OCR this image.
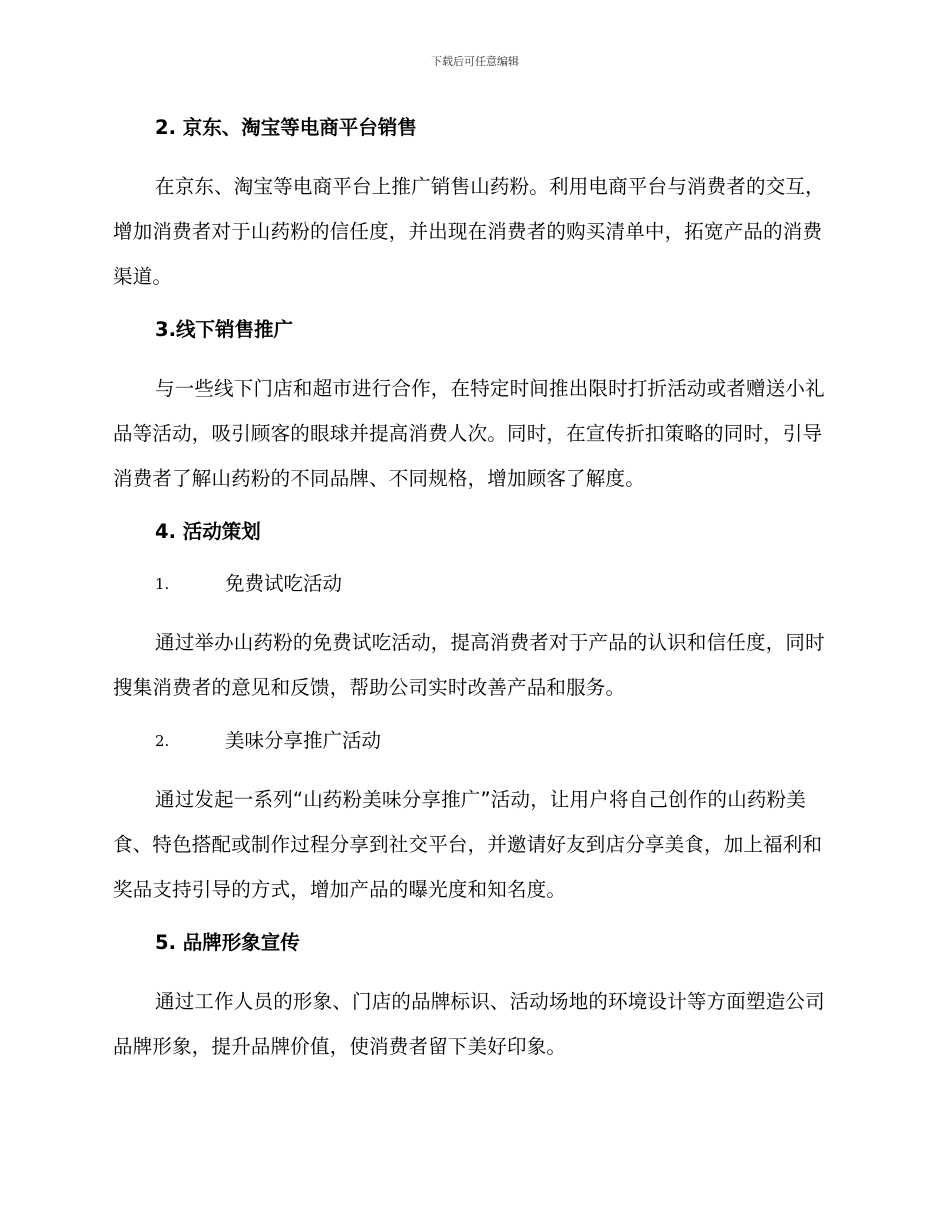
下载后可任意编辑
2. 京东、淘宝等电商平台销售
在京东、淘宝等电商平台上推广销售山药粉。利用电商平台与消费者的交互，增加消费者对于山药粉的信任度，并出现在消费者的购买清单中，拓宽产品的消费渠道。
3.线下销售推广
与一些线下门店和超市进行合作，在特定时间推出限时打折活动或者赠送小礼品等活动，吸引顾客的眼球并提高消费人次。同时，在宣传折扣策略的同时，引导消费者了解山药粉的不同品牌、不同规格，增加顾客了解度。
4. 活动策划
1.	免费试吃活动
通过举办山药粉的免费试吃活动，提高消费者对于产品的认识和信任度，同时搜集消费者的意见和反馈，帮助公司实时改善产品和服务。
2.	美味分享推广活动
通过发起一系列“山药粉美味分享推广”活动，让用户将自己创作的山药粉美食、特色搭配或制作过程分享到社交平台，并邀请好友到店分享美食，加上福利和奖品支持引导的方式，增加产品的曝光度和知名度。
5. 品牌形象宣传
通过工作人员的形象、门店的品牌标识、活动场地的环境设计等方面塑造公司品牌形象，提升品牌价值，使消费者留下美好印象。
